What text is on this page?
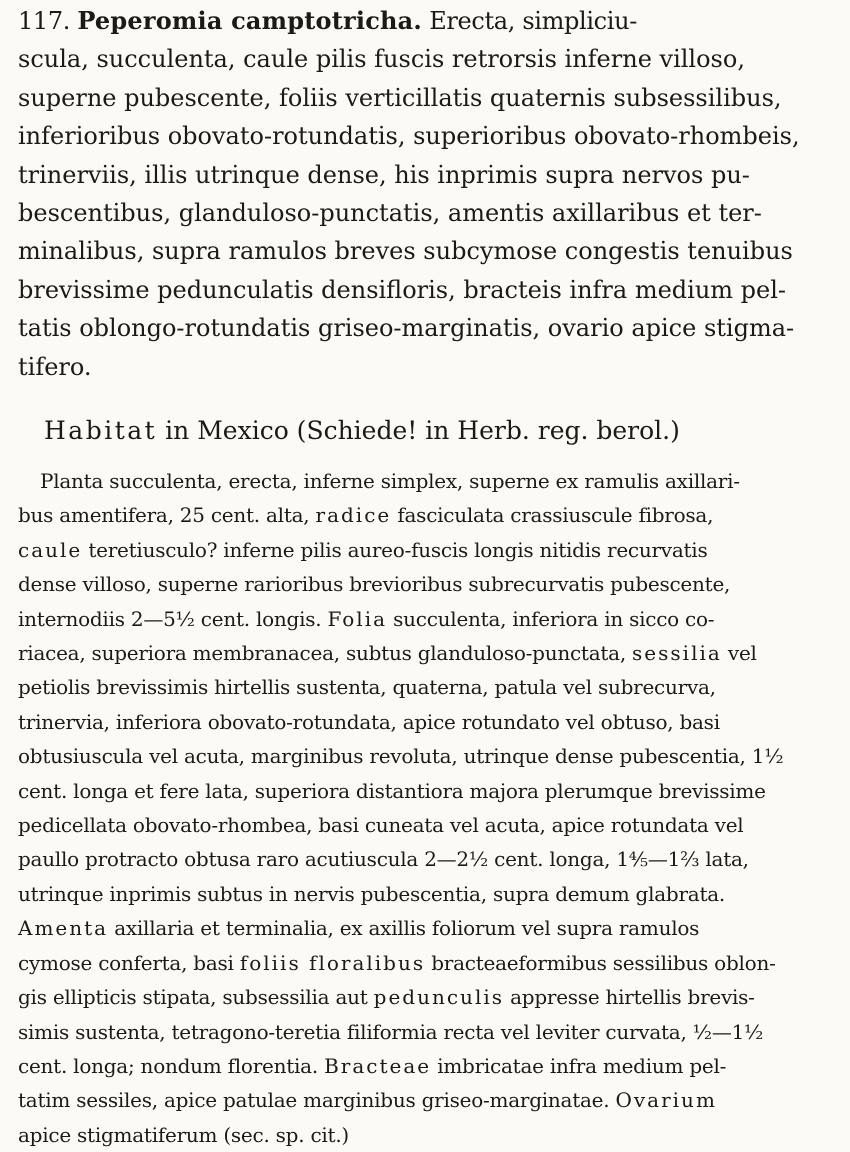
117. Peperomia camptotricha. Erecta, simpliciu-
scula, succulenta, caule pilis fuscis retrorsis inferne villoso,
superne pubescente, foliis verticillatis quaternis subsessilibus,
inferioribus obovato-rotundatis, superioribus obovato-rhombeis,
trinerviis, illis utrinque dense, his inprimis supra nervos pu-
bescentibus, glanduloso-punctatis, amentis axillaribus et ter-
minalibus, supra ramulos breves subcymose congestis tenuibus
brevissime pedunculatis densifloris, bracteis infra medium pel-
tatis oblongo-rotundatis griseo-marginatis, ovario apice stigma-
tifero.
Habitat in Mexico (Schiede! in Herb. reg. berol.)
Planta succulenta, erecta, inferne simplex, superne ex ramulis axillari-
bus amentifera, 25 cent. alta, radice fasciculata crassiuscule fibrosa,
caule teretiusculo? inferne pilis aureo-fuscis longis nitidis recurvatis
dense villoso, superne rarioribus brevioribus subrecurvatis pubescente,
internodiis 2—5½ cent. longis. Folia succulenta, inferiora in sicco co-
riacea, superiora membranacea, subtus glanduloso-punctata, sessilia vel
petiolis brevissimis hirtellis sustenta, quaterna, patula vel subrecurva,
trinervia, inferiora obovato-rotundata, apice rotundato vel obtuso, basi
obtusiuscula vel acuta, marginibus revoluta, utrinque dense pubescentia, 1½
cent. longa et fere lata, superiora distantiora majora plerumque brevissime
pedicellata obovato-rhombea, basi cuneata vel acuta, apice rotundata vel
paullo protracto obtusa raro acutiuscula 2—2½ cent. longa, 1⅘—1⅔ lata,
utrinque inprimis subtus in nervis pubescentia, supra demum glabrata.
Amenta axillaria et terminalia, ex axillis foliorum vel supra ramulos
cymose conferta, basi foliis floralibus bracteaeformibus sessilibus oblon-
gis ellipticis stipata, subsessilia aut pedunculis appresse hirtellis brevis-
simis sustenta, tetragono-teretia filiformia recta vel leviter curvata, ½—1½
cent. longa; nondum florentia. Bracteae imbricatae infra medium pel-
tatim sessiles, apice patulae marginibus griseo-marginatae. Ovarium
apice stigmatiferum (sec. sp. cit.)
